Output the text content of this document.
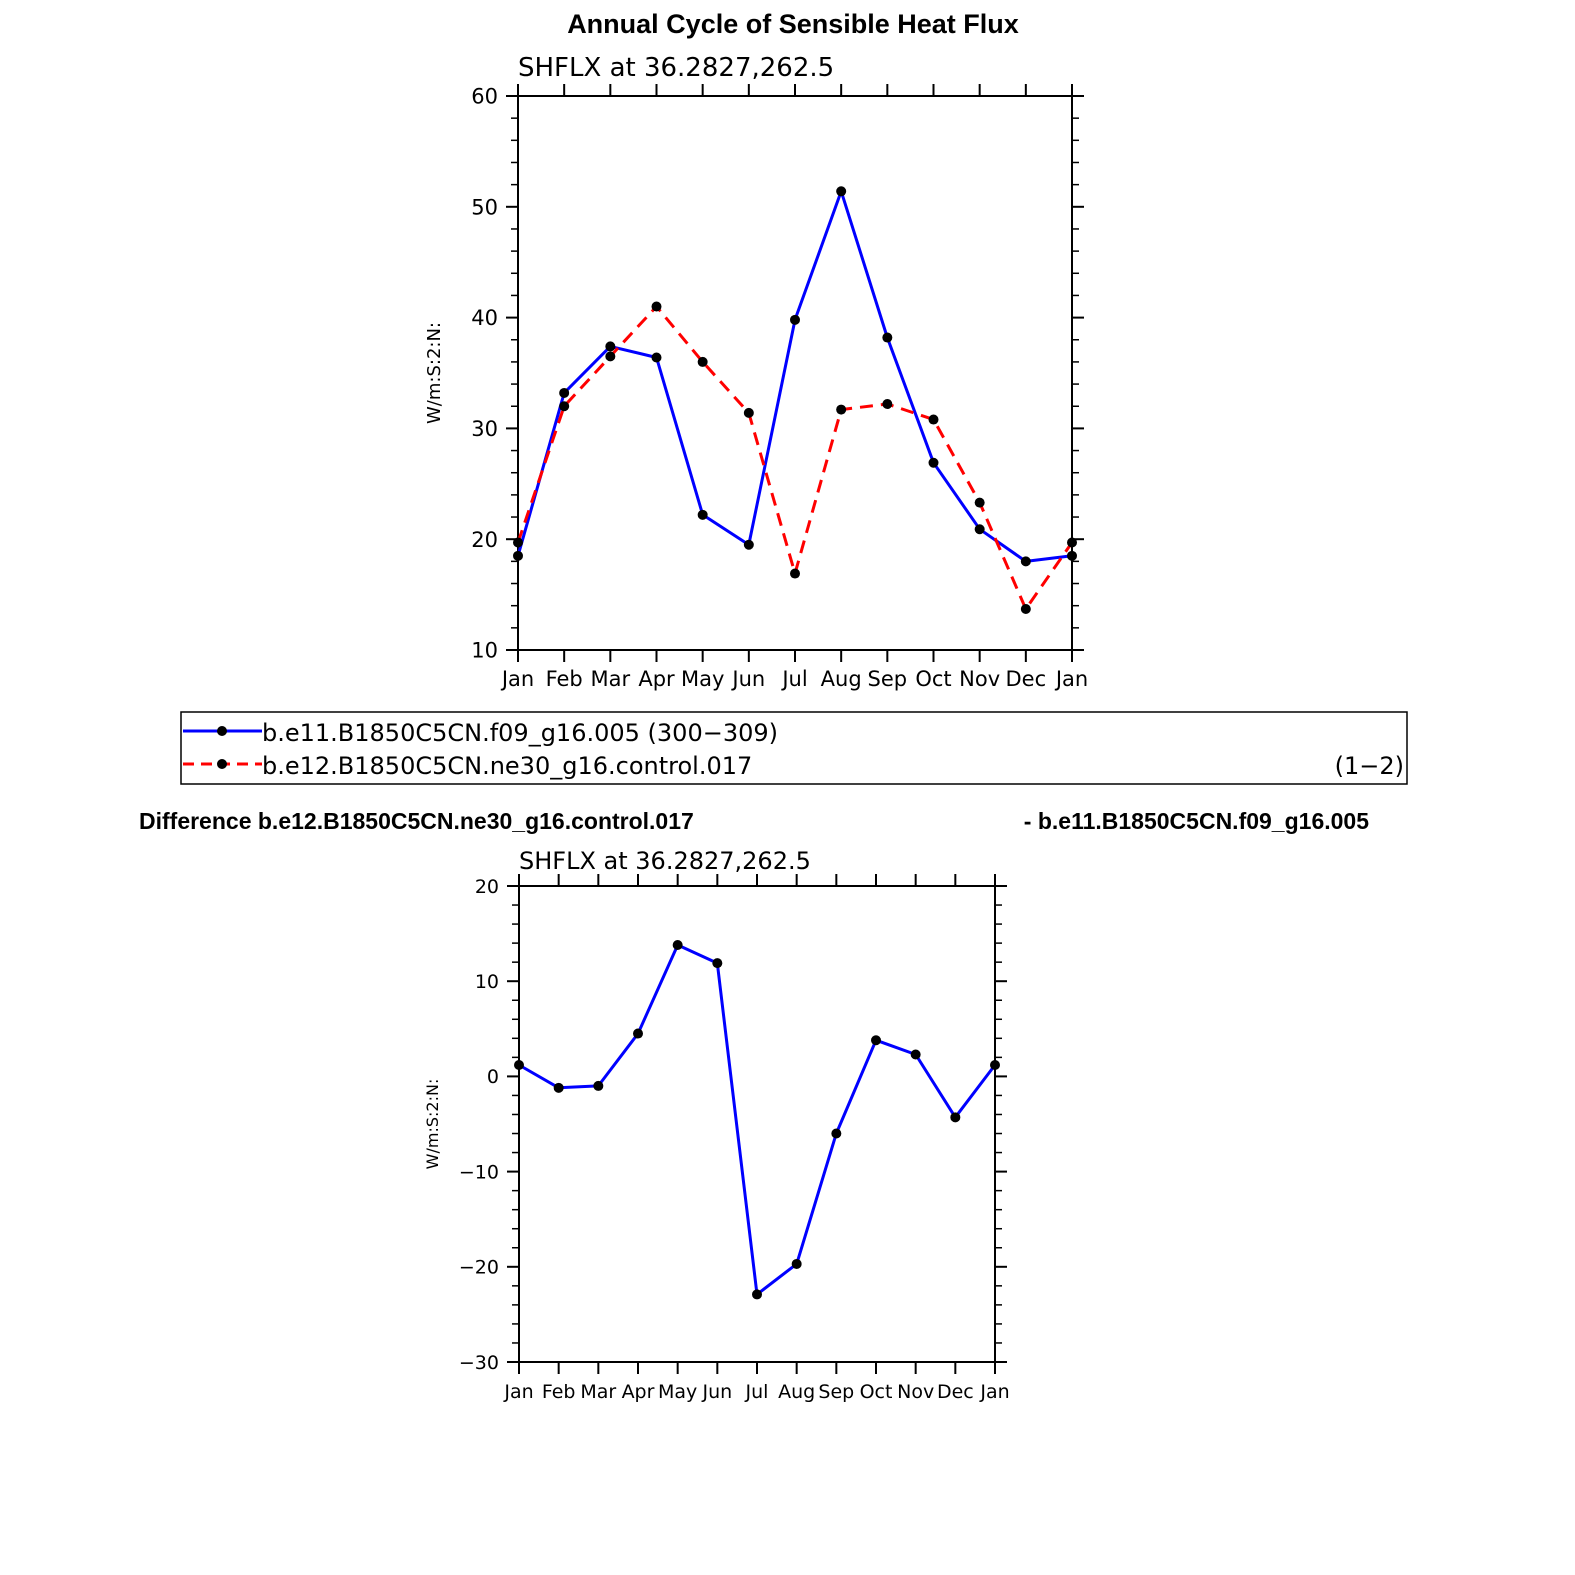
Annual Cycle of Sensible Heat Flux
SHFLX at 36.2827,262.5
10
20
30
40
50
60
Jan Feb Mar Apr May Jun Jul Aug Sep Oct Nov Dec Jan
W/m:S:2:N:
b.e11.B1850C5CN.f09_g16.005 (300−309)
b.e12.B1850C5CN.ne30_g16.control.017	(1−2)
Difference b.e12.B1850C5CN.ne30_g16.control.017	- b.e11.B1850C5CN.f09_g16.005
SHFLX at 36.2827,262.5
−30
−20
−10
0
10
20
Jan Feb Mar Apr May Jun Jul Aug Sep Oct Nov Dec Jan
W/m:S:2:N:
